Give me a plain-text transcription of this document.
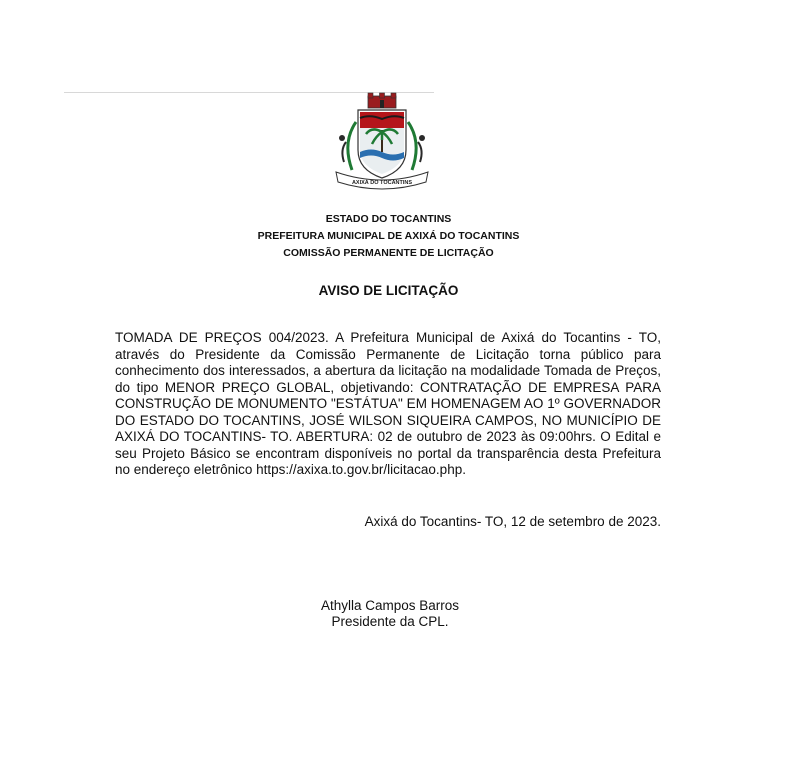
AXIXÁ DO TOCANTINS
ESTADO DO TOCANTINS
PREFEITURA MUNICIPAL DE AXIXÁ DO TOCANTINS
COMISSÃO PERMANENTE DE LICITAÇÃO
AVISO DE LICITAÇÃO
TOMADA DE PREÇOS 004/2023. A Prefeitura Municipal de Axixá do Tocantins - TO, através do Presidente da Comissão Permanente de Licitação torna público para conhecimento dos interessados, a abertura da licitação na modalidade Tomada de Preços, do tipo MENOR PREÇO GLOBAL, objetivando: CONTRATAÇÃO DE EMPRESA PARA CONSTRUÇÃO DE MONUMENTO "ESTÁTUA" EM HOMENAGEM AO 1º GOVERNADOR DO ESTADO DO TOCANTINS, JOSÉ WILSON SIQUEIRA CAMPOS, NO MUNICÍPIO DE AXIXÁ DO TOCANTINS- TO. ABERTURA: 02 de outubro de 2023 às 09:00hrs. O Edital e seu Projeto Básico se encontram disponíveis no portal da transparência desta Prefeitura no endereço eletrônico https://axixa.to.gov.br/licitacao.php.
Axixá do Tocantins- TO, 12 de setembro de 2023.
Athylla Campos Barros
Presidente da CPL.
